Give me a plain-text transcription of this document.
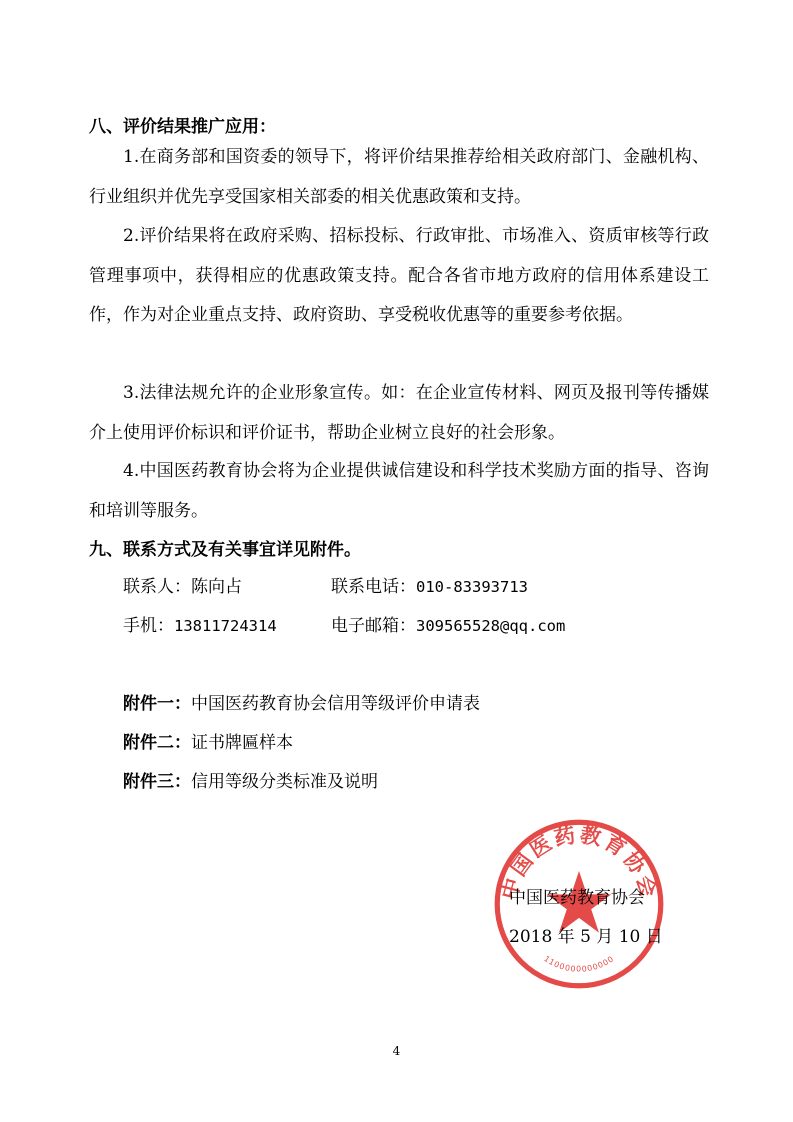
八、评价结果推广应用：

1.在商务部和国资委的领导下，将评价结果推荐给相关政府部门、金融机构、行业组织并优先享受国家相关部委的相关优惠政策和支持。

2.评价结果将在政府采购、招标投标、行政审批、市场准入、资质审核等行政管理事项中，获得相应的优惠政策支持。配合各省市地方政府的信用体系建设工作，作为对企业重点支持、政府资助、享受税收优惠等的重要参考依据。

3.法律法规允许的企业形象宣传。如：在企业宣传材料、网页及报刊等传播媒介上使用评价标识和评价证书，帮助企业树立良好的社会形象。

4.中国医药教育协会将为企业提供诚信建设和科学技术奖励方面的指导、咨询和培训等服务。

九、联系方式及有关事宜详见附件。
联系人：陈向占	联系电话：010-83393713
手机：13811724314	电子邮箱：309565528@qq.com
附件一：中国医药教育协会信用等级评价申请表
附件二：证书牌匾样本
附件三：信用等级分类标准及说明
中国医药教育协会
1100000000000
中国医药教育协会
2018 年 5 月 10 日
4
